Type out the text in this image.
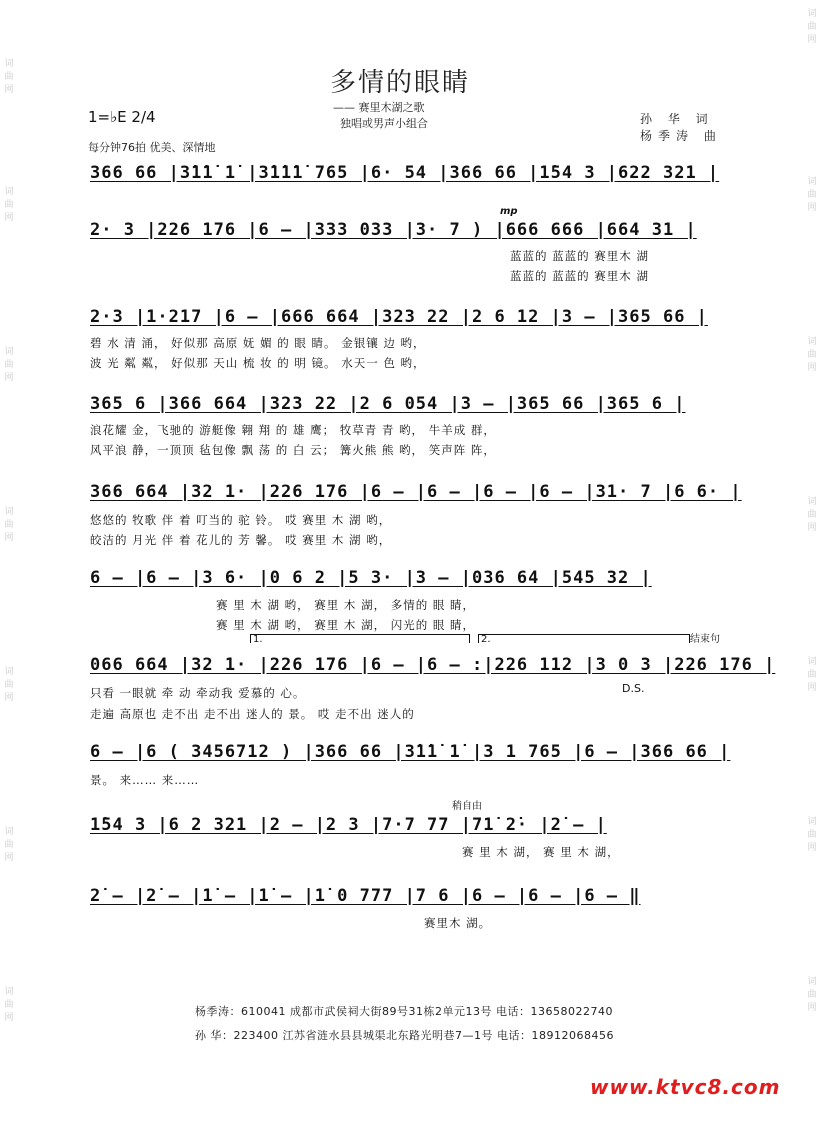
词曲网
词曲网
词曲网
词曲网
词曲网
词曲网
词曲网
词曲网
词曲网
词曲网
词曲网
词曲网
词曲网
词曲网
多情的眼睛
—— 赛里木湖之歌
独唱或男声小组合	孙 华 词
杨季涛 曲
1=♭E 2/4
每分钟76拍 优美、深情地
366 66 |3̇1̇1̇ 1̇ |3̇1̇1̇1̇ 765 |6· 54 |366 66 |1̇54 3 |622 321 |
mp
2· 3 |226 176 |6 – |333 033 |3· 7 ) |666 666 |664 31 |
蓝蓝的 蓝蓝的 赛里木 湖
蓝蓝的 蓝蓝的 赛里木 湖
2·3 |1·217 |6 – |666 664 |323 22 |2 6 12 |3 – |365 66 |
碧 水 清 涌， 好似那 高原 妩 媚 的 眼 睛。 金银镶 边 哟，
波 光 粼 粼， 好似那 天山 梳 妆 的 明 镜。 水天一 色 哟，
365 6 |366 664 |323 22 |2 6 054 |3 – |365 66 |365 6 |
浪花耀 金，飞驰的 游艇像 翱 翔 的 雄 鹰； 牧草青 青 哟， 牛羊成 群，
风平浪 静，一顶顶 毡包像 飘 荡 的 白 云； 篝火熊 熊 哟， 笑声阵 阵，
366 664 |32 1· |226 176 |6 – |6 – |6 – |6 – |31· 7 |6 6· |
悠悠的 牧歌 伴 着 叮当的 驼 铃。 哎 赛里 木 湖 哟，
皎洁的 月光 伴 着 花儿的 芳 馨。 哎 赛里 木 湖 哟，
6 – |6 – |3 6· |0 6 2 |5 3· |3 – |036 64 |545 32 |
赛 里 木 湖 哟， 赛里 木 湖， 多情的 眼 睛，
赛 里 木 湖 哟， 赛里 木 湖， 闪光的 眼 睛，
1.	2.	结束句
066 664 |32 1· |226 176 |6 – |6 – :|226 112 |3 0 3 |226 176 |
D.S.
只看 一眼就 牵 动 牵动我 爱慕的 心。
走遍 高原也 走不出 走不出 迷人的 景。 哎 走不出 迷人的
6 – |6 ( 3456712 ) |366 66 |3̇1̇1̇ 1̇ |3 1 765 |6 – |366 66 |
景。 来…… 来……
稍自由
1̇54 3 |6 2 321 |2 – |2 3 |7·7 77 |71̇ 2̇· |2̇ – |
赛 里 木 湖， 赛 里 木 湖，
2̇ – |2̇ – |1̇ – |1̇ – |1̇ 0 777 |7 6 |6 – |6 – |6 – ‖
赛里木 湖。
杨季涛：610041 成都市武侯祠大街89号31栋2单元13号 电话：13658022740
孙 华：223400 江苏省涟水县县城渠北东路光明巷7—1号 电话：18912068456
www.ktvc8.com
